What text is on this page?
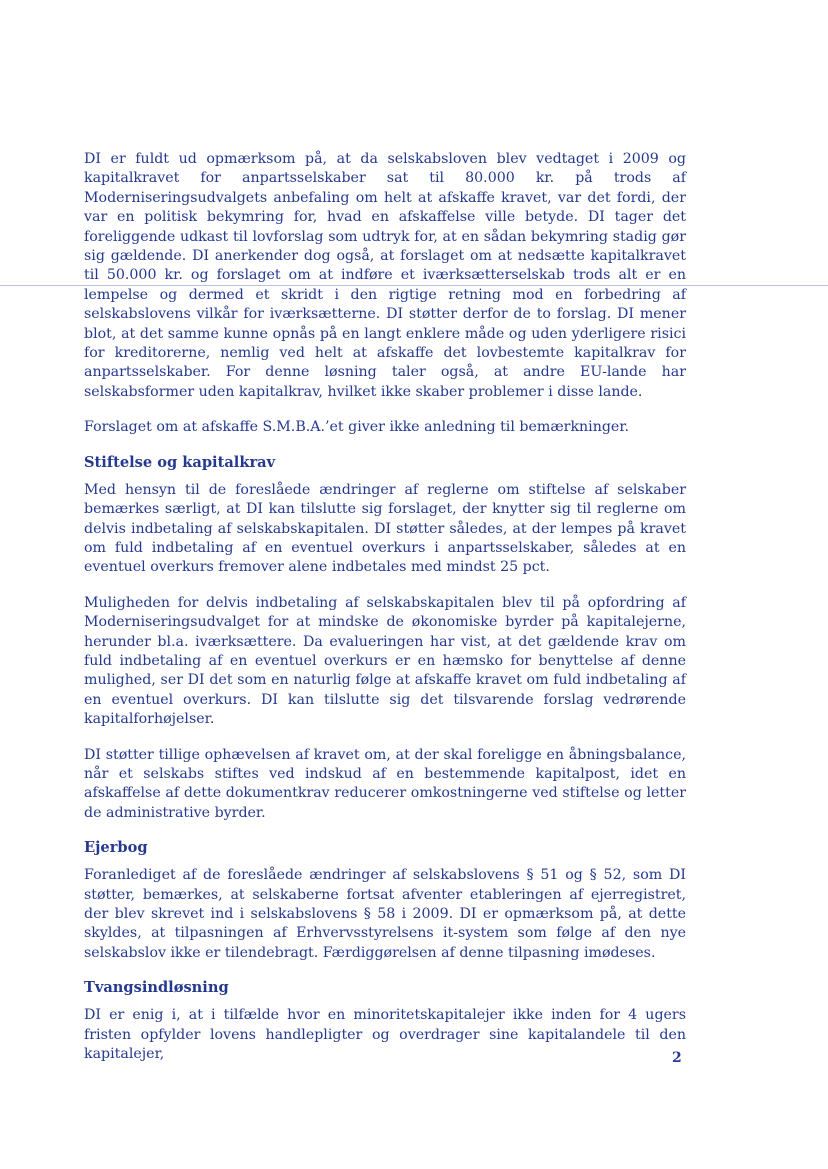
DI er fuldt ud opmærksom på, at da selskabsloven blev vedtaget i 2009 og kapitalkravet for anpartsselskaber sat til 80.000 kr. på trods af Moderniseringsudvalgets anbefaling om helt at afskaffe kravet, var det fordi, der var en politisk bekymring for, hvad en afskaffelse ville betyde. DI tager det foreliggende udkast til lovforslag som udtryk for, at en sådan bekymring stadig gør sig gældende. DI anerkender dog også, at forslaget om at nedsætte kapitalkravet til 50.000 kr. og forslaget om at indføre et iværksætterselskab trods alt er en lempelse og dermed et skridt i den rigtige retning mod en forbedring af selskabslovens vilkår for iværksætterne. DI støtter derfor de to forslag. DI mener blot, at det samme kunne opnås på en langt enklere måde og uden yderligere risici for kreditorerne, nemlig ved helt at afskaffe det lovbestemte kapitalkrav for anpartsselskaber. For denne løsning taler også, at andre EU-lande har selskabsformer uden kapitalkrav, hvilket ikke skaber problemer i disse lande.

Forslaget om at afskaffe S.M.B.A.’et giver ikke anledning til bemærkninger.

Stiftelse og kapitalkrav

Med hensyn til de foreslåede ændringer af reglerne om stiftelse af selskaber bemærkes særligt, at DI kan tilslutte sig forslaget, der knytter sig til reglerne om delvis indbetaling af selskabskapitalen. DI støtter således, at der lempes på kravet om fuld indbetaling af en eventuel overkurs i anpartsselskaber, således at en eventuel overkurs fremover alene indbetales med mindst 25 pct.

Muligheden for delvis indbetaling af selskabskapitalen blev til på opfordring af Moderniseringsudvalget for at mindske de økonomiske byrder på kapitalejerne, herunder bl.a. iværksættere. Da evalueringen har vist, at det gældende krav om fuld indbetaling af en eventuel overkurs er en hæmsko for benyttelse af denne mulighed, ser DI det som en naturlig følge at afskaffe kravet om fuld indbetaling af en eventuel overkurs. DI kan tilslutte sig det tilsvarende forslag vedrørende kapitalforhøjelser.

DI støtter tillige ophævelsen af kravet om, at der skal foreligge en åbningsbalance, når et selskabs stiftes ved indskud af en bestemmende kapitalpost, idet en afskaffelse af dette dokumentkrav reducerer omkostningerne ved stiftelse og letter de administrative byrder.

Ejerbog

Foranlediget af de foreslåede ændringer af selskabslovens § 51 og § 52, som DI støtter, bemærkes, at selskaberne fortsat afventer etableringen af ejerregistret, der blev skrevet ind i selskabslovens § 58 i 2009. DI er opmærksom på, at dette skyldes, at tilpasningen af Erhvervsstyrelsens it-system som følge af den nye selskabslov ikke er tilendebragt. Færdiggørelsen af denne tilpasning imødeses.

Tvangsindløsning

DI er enig i, at i tilfælde hvor en minoritetskapitalejer ikke inden for 4 ugers fristen opfylder lovens handlepligter og overdrager sine kapitalandele til den kapitalejer,	2
